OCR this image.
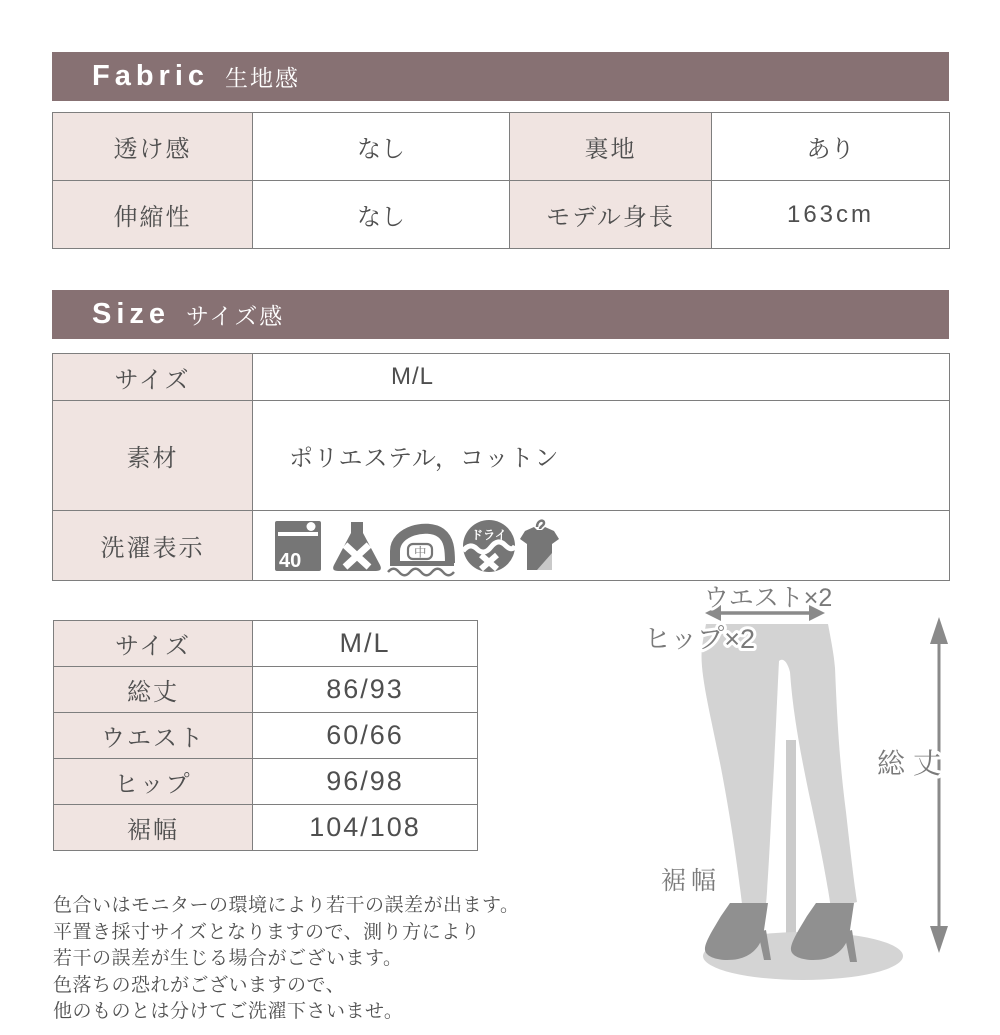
Fabric 生地感
透け感	なし	裏地	あり
伸縮性	なし	モデル身長	163cm
Size サイズ感
サイズ	M/L
素材	ポリエステル，コットン
洗濯表示	40 中
ドライ
サイズ	M/L
総丈	86/93
ウエスト	60/66
ヒップ	96/98
裾幅	104/108
ウエスト×2
ヒップ×2
総丈
裾幅
色合いはモニターの環境により若干の誤差が出ます。
平置き採寸サイズとなりますので、測り方により
若干の誤差が生じる場合がございます。
色落ちの恐れがございますので、
他のものとは分けてご洗濯下さいませ。
